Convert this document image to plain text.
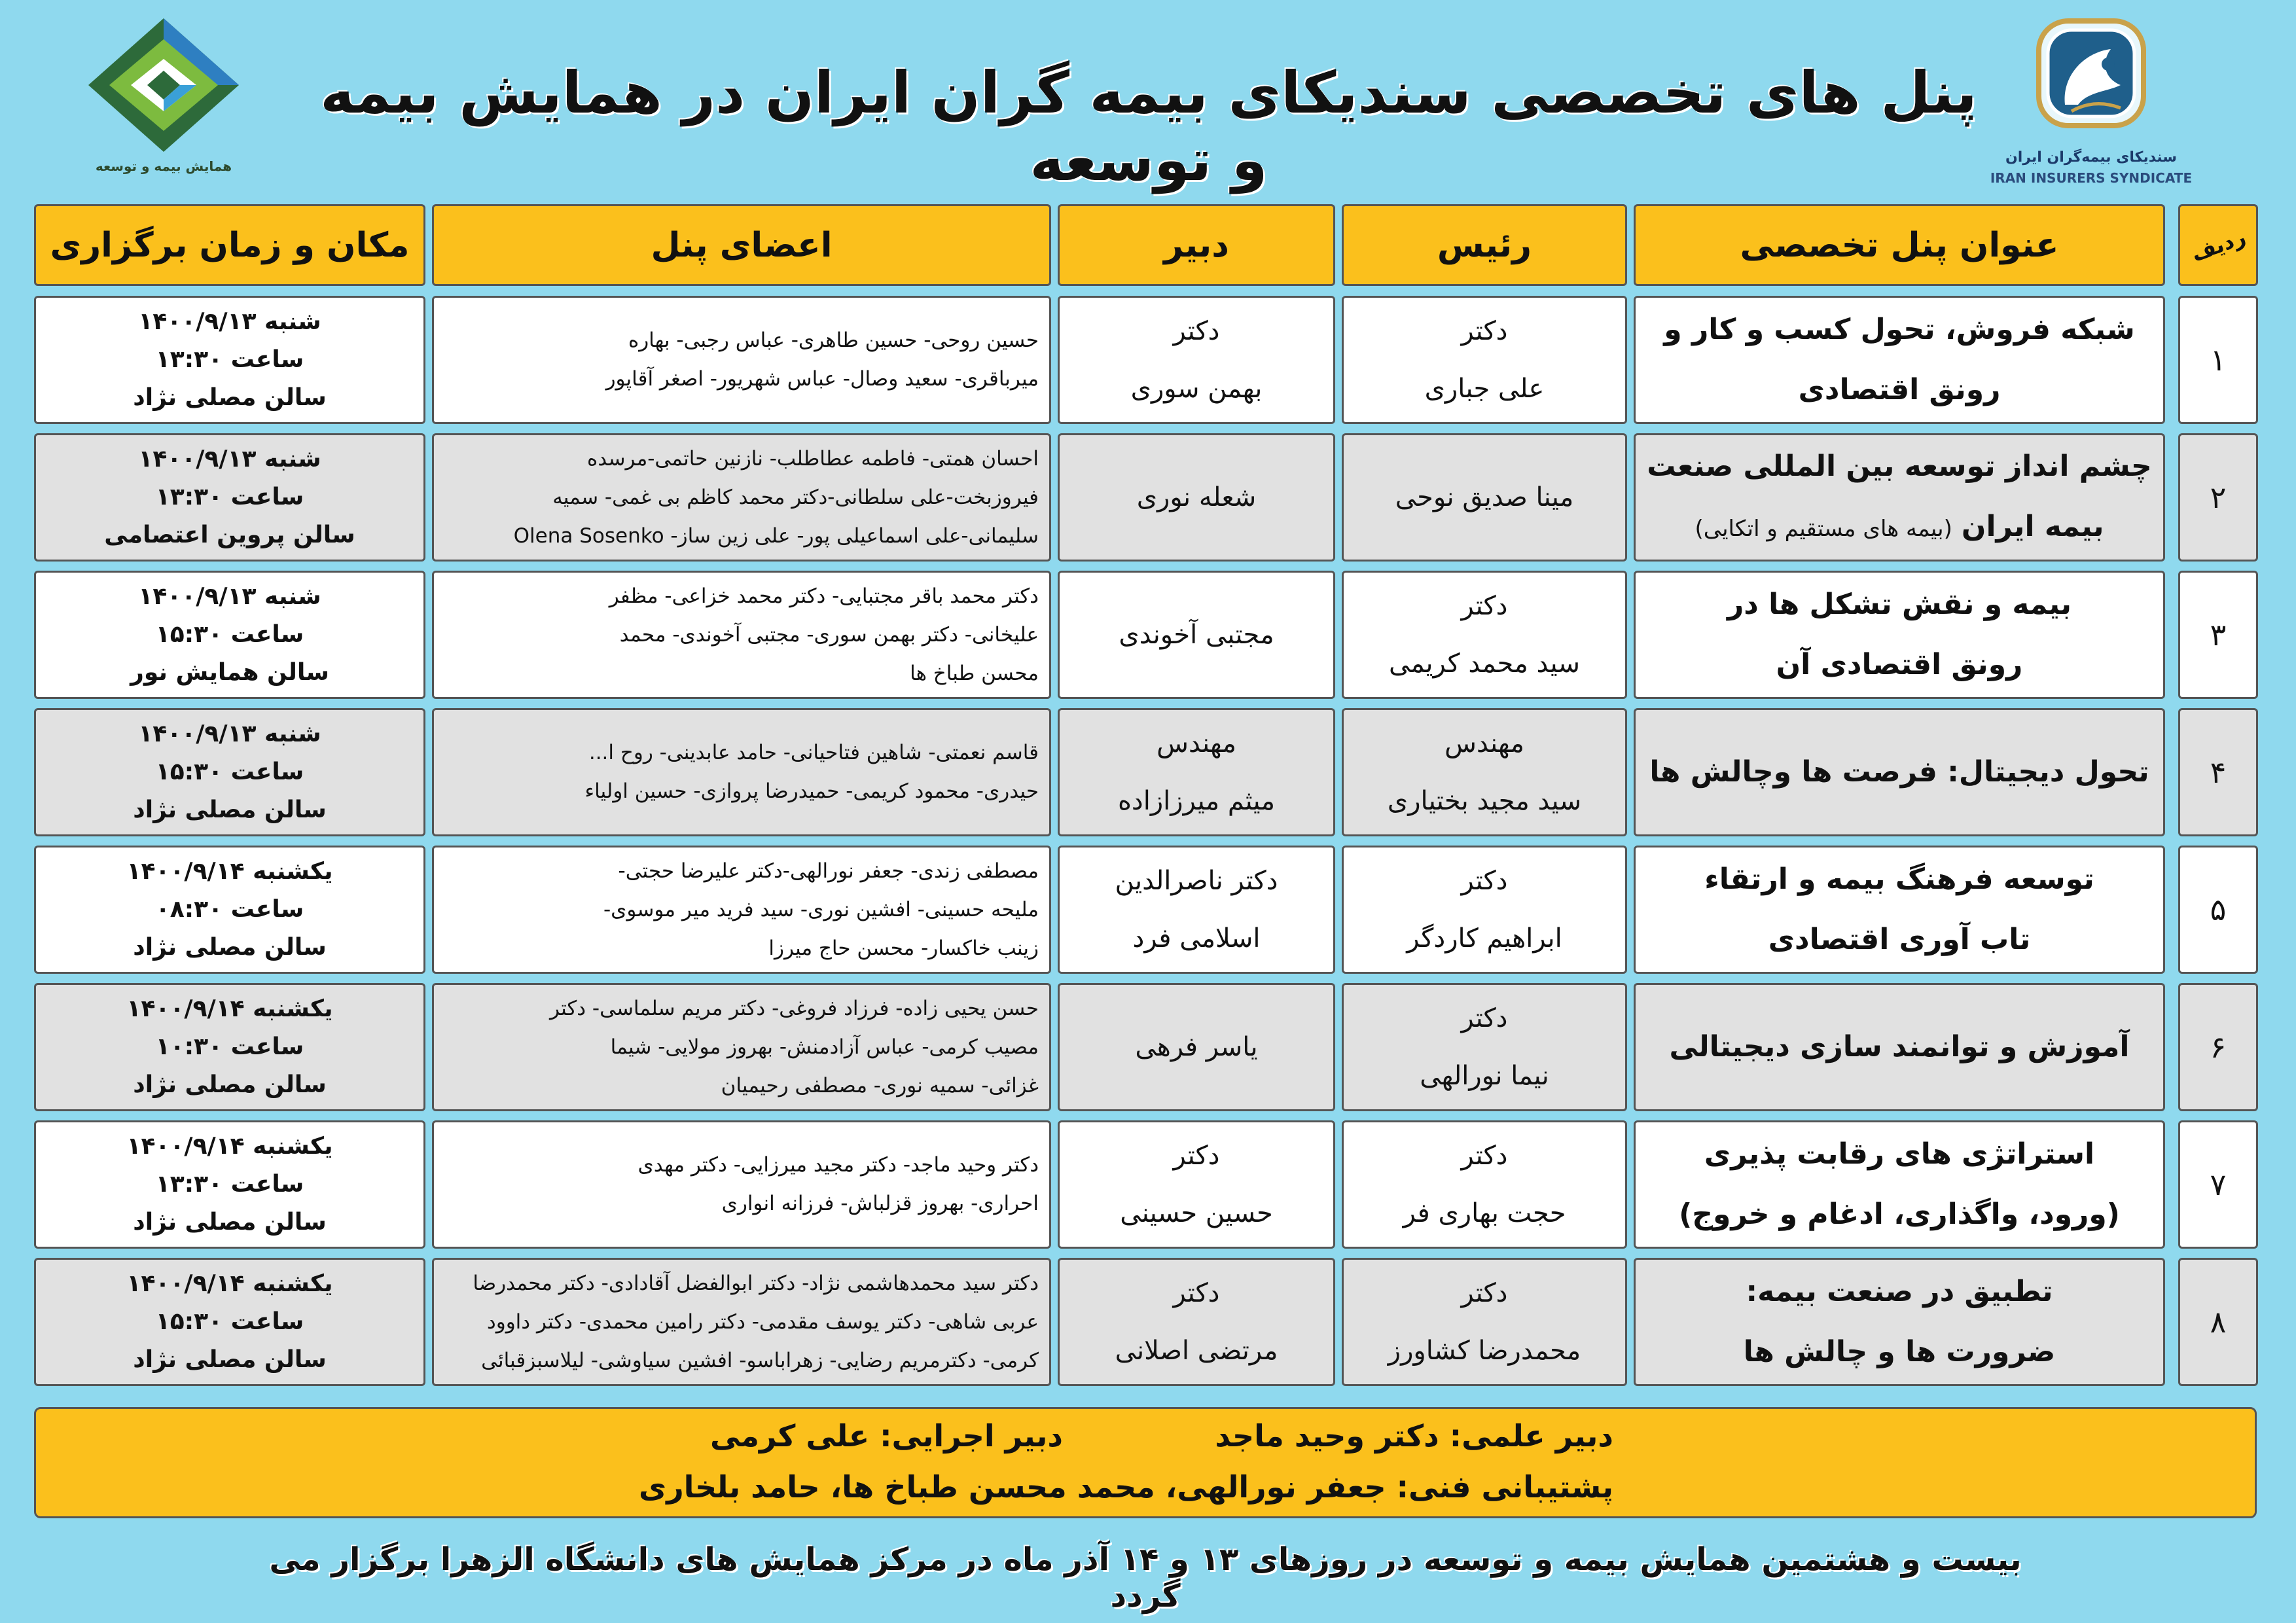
پنل های تخصصی سندیکای بیمه گران ایران در همایش بیمه و توسعه	سندیکای بیمه‌گران ایران
IRAN INSURERS SYNDICATE
همایش بیمه و توسعه
ردیف
عنوان پنل تخصصی
رئیس
دبیر
اعضای پنل
مکان و زمان برگزاری
۱
شبکه فروش، تحول کسب و کار و
رونق اقتصادی
دکتر
علی جباری
دکتر
بهمن سوری
حسین روحی- حسین طاهری- عباس رجبی- بهاره
میرباقری- سعید وصال- عباس شهریور- اصغر آقاپور
شنبه ۱۴۰۰/۹/۱۳
ساعت ۱۳:۳۰
سالن مصلی نژاد
۲
چشم انداز توسعه بین المللی صنعت
بیمه ایران(بیمه های مستقیم و اتکایی)
مینا صدیق نوحی
شعله نوری
احسان همتی- فاطمه عطاطلب- نازنین حاتمی-مرسده
فیروزبخت-علی سلطانی-دکتر محمد کاظم بی غمی- سمیه
سلیمانی-علی اسماعیلی پور- علی زین ساز- Olena Sosenko
شنبه ۱۴۰۰/۹/۱۳
ساعت ۱۳:۳۰
سالن پروین اعتصامی
۳
بیمه و نقش تشکل ها در
رونق اقتصادی آن
دکتر
سید محمد کریمی
مجتبی آخوندی
دکتر محمد باقر مجتبایی- دکتر محمد خزاعی- مظفر
علیخانی- دکتر بهمن سوری- مجتبی آخوندی- محمد
محسن طباخ ها
شنبه ۱۴۰۰/۹/۱۳
ساعت ۱۵:۳۰
سالن همایش نور
۴
تحول دیجیتال: فرصت ها وچالش ها
مهندس
سید مجید بختیاری
مهندس
میثم میرزازاده
قاسم نعمتی- شاهین فتاحیانی- حامد عابدینی- روح ا...
حیدری- محمود کریمی- حمیدرضا پروازی- حسین اولیاء
شنبه ۱۴۰۰/۹/۱۳
ساعت ۱۵:۳۰
سالن مصلی نژاد
۵
توسعه فرهنگ بیمه و ارتقاء
تاب آوری اقتصادی
دکتر
ابراهیم کاردگر
دکتر ناصرالدین
اسلامی فرد
مصطفی زندی- جعفر نورالهی-دکتر علیرضا حجتی-
ملیحه حسینی- افشین نوری- سید فرید میر موسوی-
زینب خاکسار- محسن حاج میرزا
یکشنبه ۱۴۰۰/۹/۱۴
ساعت ۰۸:۳۰
سالن مصلی نژاد
۶
آموزش و توانمند سازی دیجیتالی
دکتر
نیما نورالهی
یاسر فرهی
حسن یحیی زاده- فرزاد فروغی- دکتر مریم سلماسی- دکتر
مصیب کرمی- عباس آزادمنش- بهروز مولایی- شیما
غزائی- سمیه نوری- مصطفی رحیمیان
یکشنبه ۱۴۰۰/۹/۱۴
ساعت ۱۰:۳۰
سالن مصلی نژاد
۷
استراتژی های رقابت پذیری
(ورود، واگذاری، ادغام و خروج)
دکتر
حجت بهاری فر
دکتر
حسین حسینی
دکتر وحید ماجد- دکتر مجید میرزایی- دکتر مهدی
احراری- بهروز قزلباش- فرزانه انواری
یکشنبه ۱۴۰۰/۹/۱۴
ساعت ۱۳:۳۰
سالن مصلی نژاد
۸
تطبیق در صنعت بیمه:
ضرورت ها و چالش ها
دکتر
محمدرضا کشاورز
دکتر
مرتضی اصلانی
دکتر سید محمدهاشمی نژاد- دکتر ابوالفضل آقادادی- دکتر محمدرضا
عربی شاهی- دکتر یوسف مقدمی- دکتر رامین محمدی- دکتر داوود
کرمی- دکترمریم رضایی- زهراباسو- افشین سیاوشی- لیلاسبزقبائی
یکشنبه ۱۴۰۰/۹/۱۴
ساعت ۱۵:۳۰
سالن مصلی نژاد
دبیر علمی: دکتر وحید ماجد
دبیر اجرایی: علی کرمی
پشتیبانی فنی: جعفر نورالهی، محمد محسن طباخ ها، حامد بلخاری

بیست و هشتمین همایش بیمه و توسعه در روزهای ۱۳ و ۱۴ آذر ماه در مرکز همایش های دانشگاه الزهرا برگزار می گردد
